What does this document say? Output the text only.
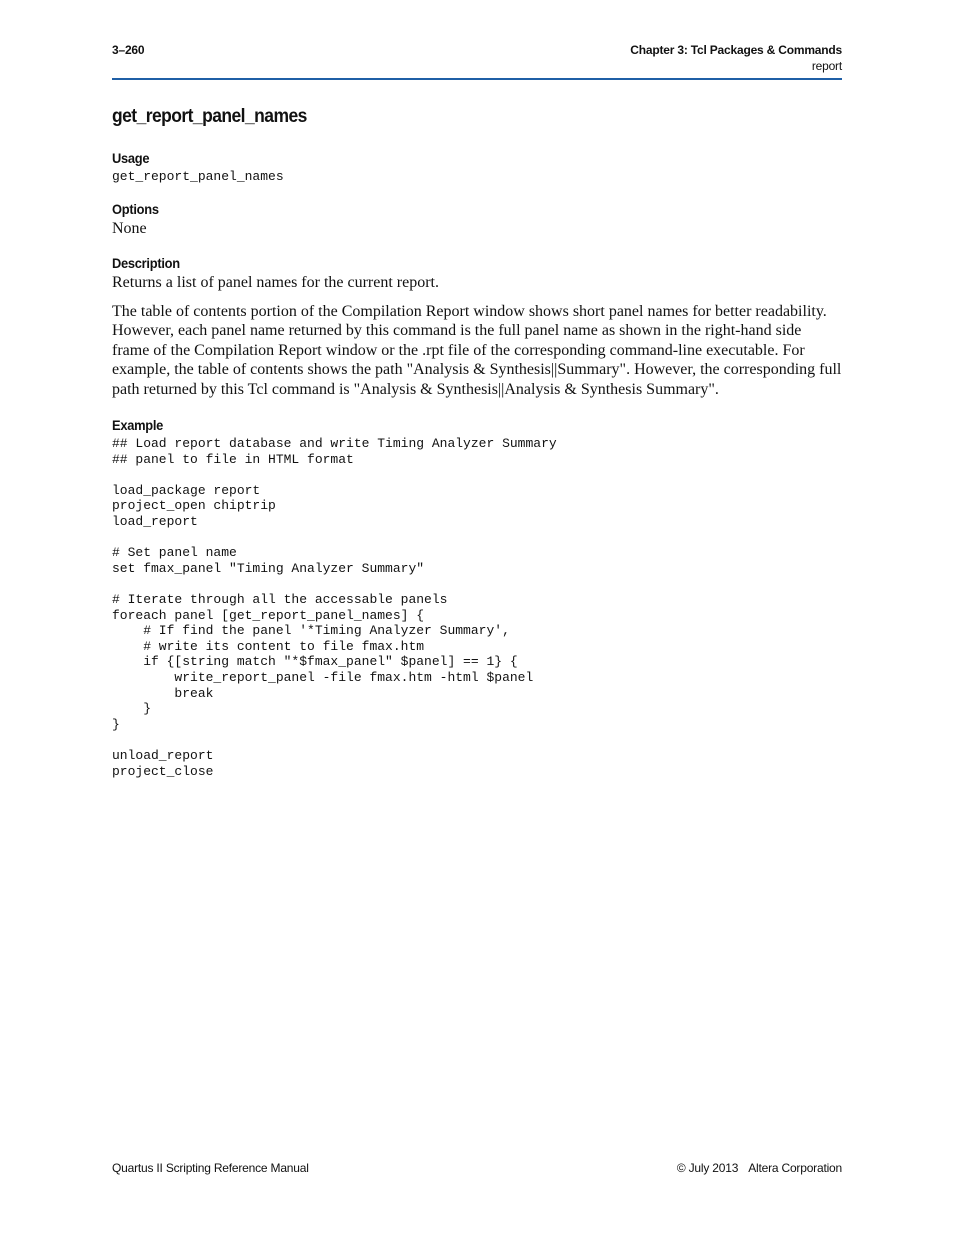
3–260	Chapter 3: Tcl Packages & Commands
report
get_report_panel_names
Usage
get_report_panel_names
Options

None

Description

Returns a list of panel names for the current report.

The table of contents portion of the Compilation Report window shows short panel names for better readability. However, each panel name returned by this command is the full panel name as shown in the right-hand side frame of the Compilation Report window or the .rpt file of the corresponding command-line executable. For example, the table of contents shows the path "Analysis & Synthesis||Summary". However, the corresponding full path returned by this Tcl command is "Analysis & Synthesis||Analysis & Synthesis Summary".

Example
## Load report database and write Timing Analyzer Summary
## panel to file in HTML format

load_package report
project_open chiptrip
load_report

# Set panel name
set fmax_panel "Timing Analyzer Summary"

# Iterate through all the accessable panels
foreach panel [get_report_panel_names] {
# If find the panel '*Timing Analyzer Summary',
# write its content to file fmax.htm
if {[string match "*$fmax_panel" $panel] == 1} {
write_report_panel -file fmax.htm -html $panel
break
}
}

unload_report
project_close
Quartus II Scripting Reference Manual	© July 2013 Altera Corporation
